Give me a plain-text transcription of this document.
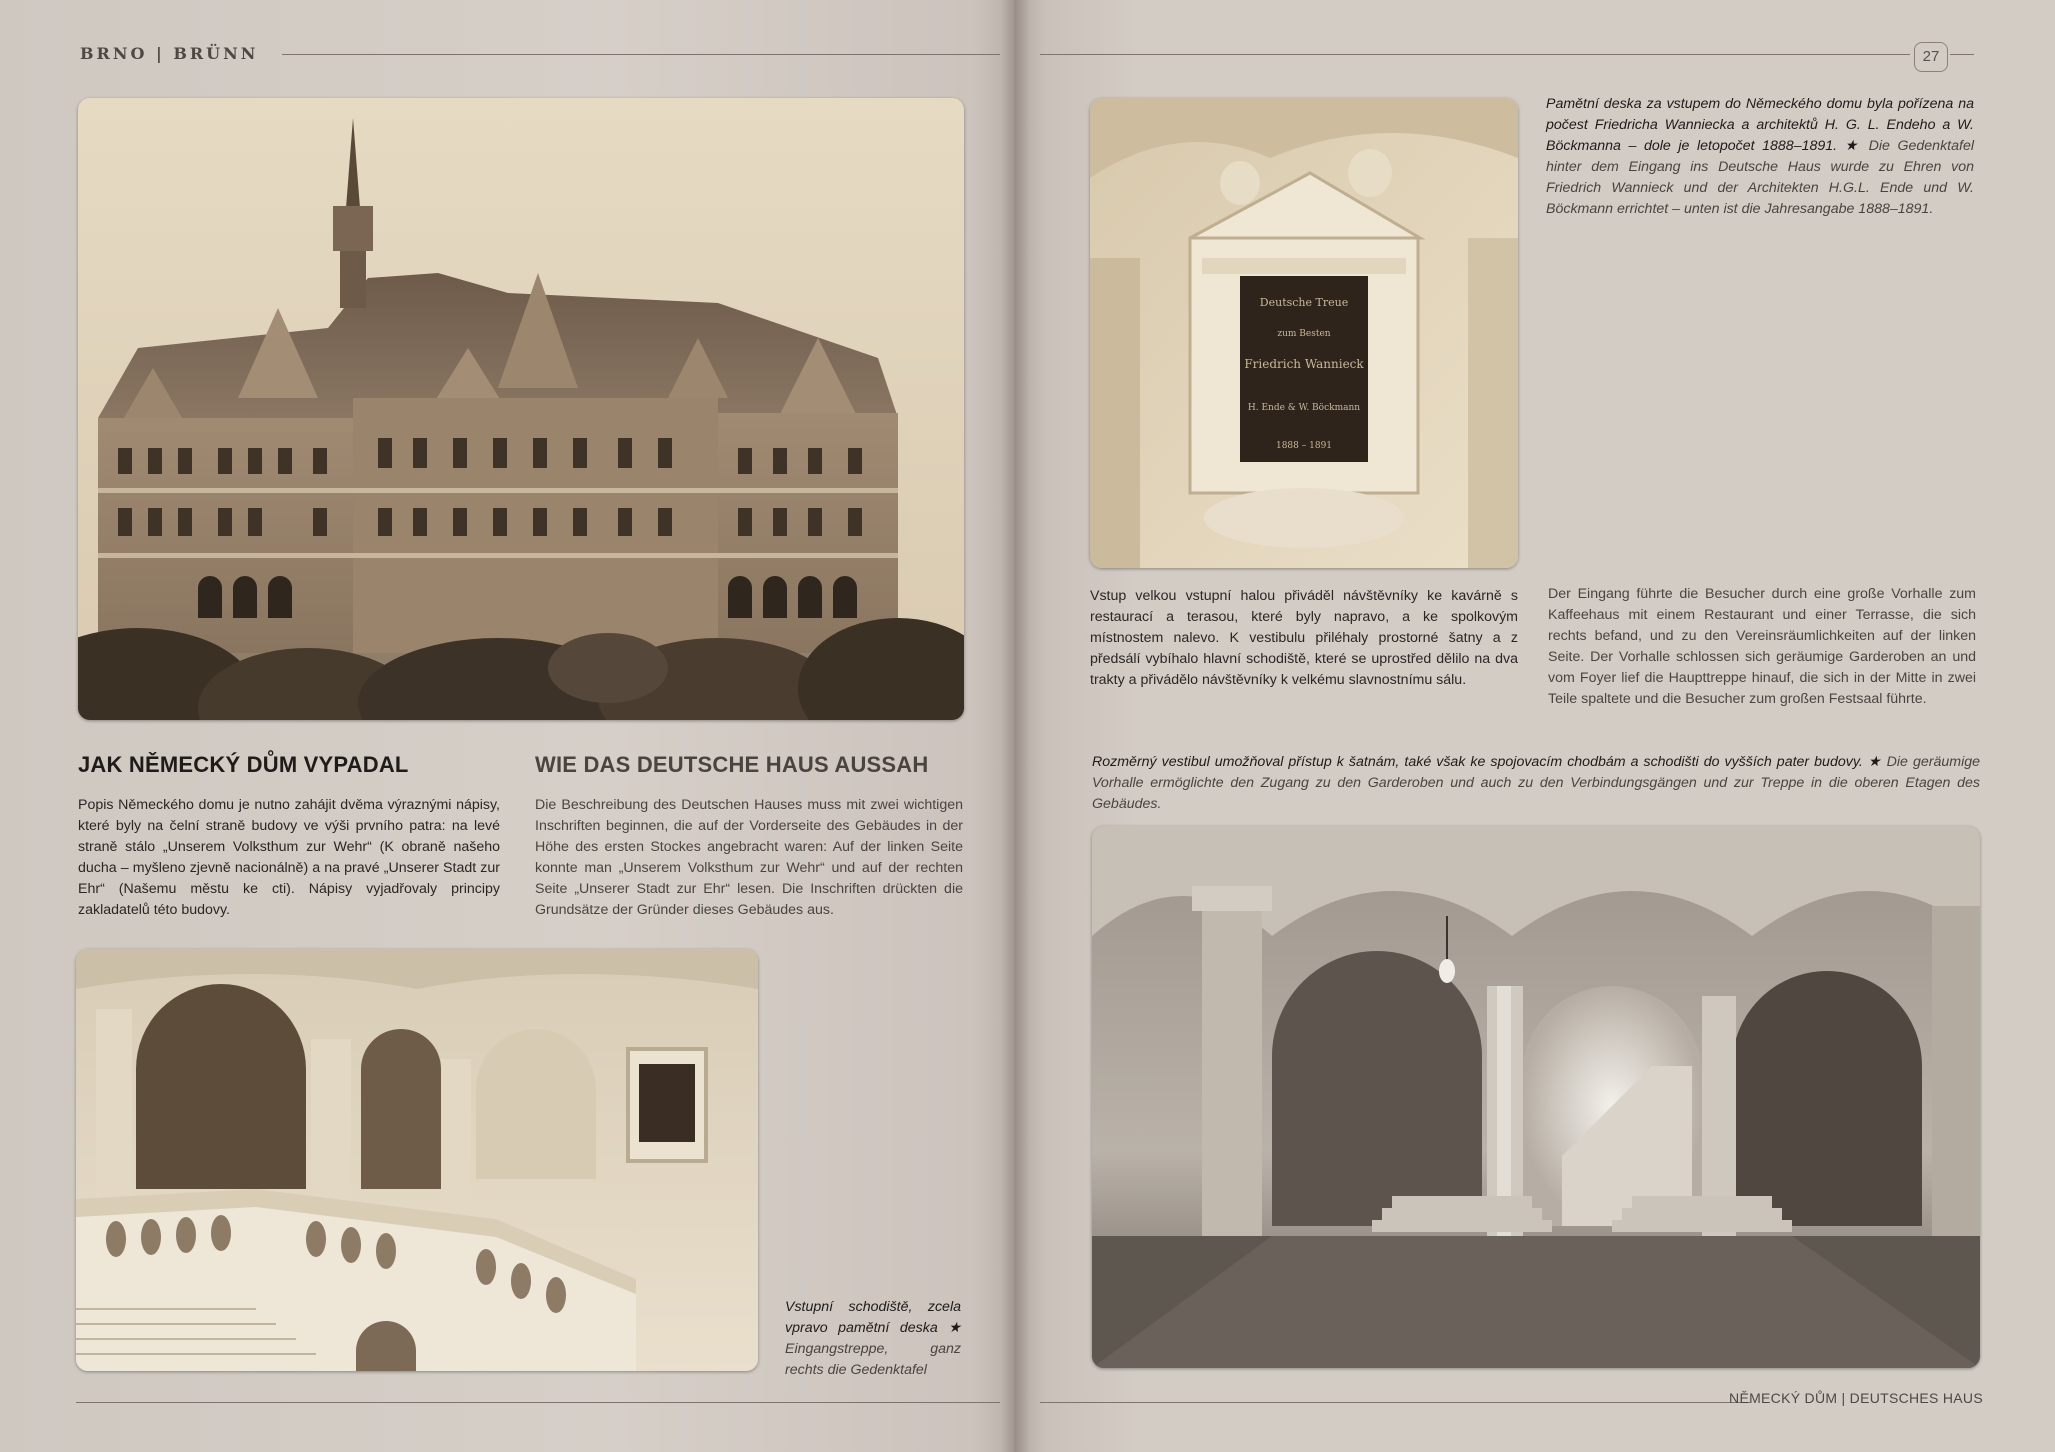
BRNO | BRÜNN	27
NĚMECKÝ DŮM | DEUTSCHES HAUS
JAK NĚMECKÝ DŮM VYPADAL	WIE DAS DEUTSCHE HAUS AUSSAH
Popis Německého domu je nutno zahájit dvěma výraznými nápisy, které byly na čelní straně budovy ve výši prvního patra: na levé straně stálo „Unserem Volksthum zur Wehr“ (K obraně našeho ducha – myšleno zjevně nacionálně) a na pravé „Unserer Stadt zur Ehr“ (Našemu městu ke cti). Nápisy vyjadřovaly principy zakladatelů této budovy.
Die Beschreibung des Deutschen Hauses muss mit zwei wichtigen Inschriften beginnen, die auf der Vorderseite des Gebäudes in der Höhe des ersten Stockes angebracht waren: Auf der linken Seite konnte man „Unserem Volksthum zur Wehr“ und auf der rechten Seite „Unserer Stadt zur Ehr“ lesen. Die Inschriften drückten die Grundsätze der Gründer dieses Gebäudes aus.
Vstupní schodiště, zcela vpravo pamětní deska ★ Eingangstreppe, ganz rechts die Gedenktafel
Deutsche Treue
zum Besten
Friedrich Wannieck
H. Ende & W. Böckmann
1888 – 1891
Pamětní deska za vstupem do Německého domu byla pořízena na počest Friedricha Wanniecka a architektů H. G. L. Endeho a W. Böckmanna – dole je letopočet 1888–1891. ★ Die Gedenktafel hinter dem Eingang ins Deutsche Haus wurde zu Ehren von Friedrich Wannieck und der Architekten H.G.L. Ende und W. Böckmann errichtet – unten ist die Jahresangabe 1888–1891.
Vstup velkou vstupní halou přiváděl návštěvníky ke kavárně s restaurací a terasou, které byly napravo, a ke spolkovým místnostem nalevo. K vestibulu přiléhaly prostorné šatny a z předsálí vybíhalo hlavní schodiště, které se uprostřed dělilo na dva trakty a přivádělo návštěvníky k velkému slavnostnímu sálu.
Der Eingang führte die Besucher durch eine große Vorhalle zum Kaffeehaus mit einem Restaurant und einer Terrasse, die sich rechts befand, und zu den Vereinsräumlichkeiten auf der linken Seite. Der Vorhalle schlossen sich geräumige Garderoben an und vom Foyer lief die Haupttreppe hinauf, die sich in der Mitte in zwei Teile spaltete und die Besucher zum großen Festsaal führte.
Rozměrný vestibul umožňoval přístup k šatnám, také však ke spojovacím chodbám a schodišti do vyšších pater budovy. ★ Die geräumige Vorhalle ermöglichte den Zugang zu den Garderoben und auch zu den Verbindungsgängen und zur Treppe in die oberen Etagen des Gebäudes.
